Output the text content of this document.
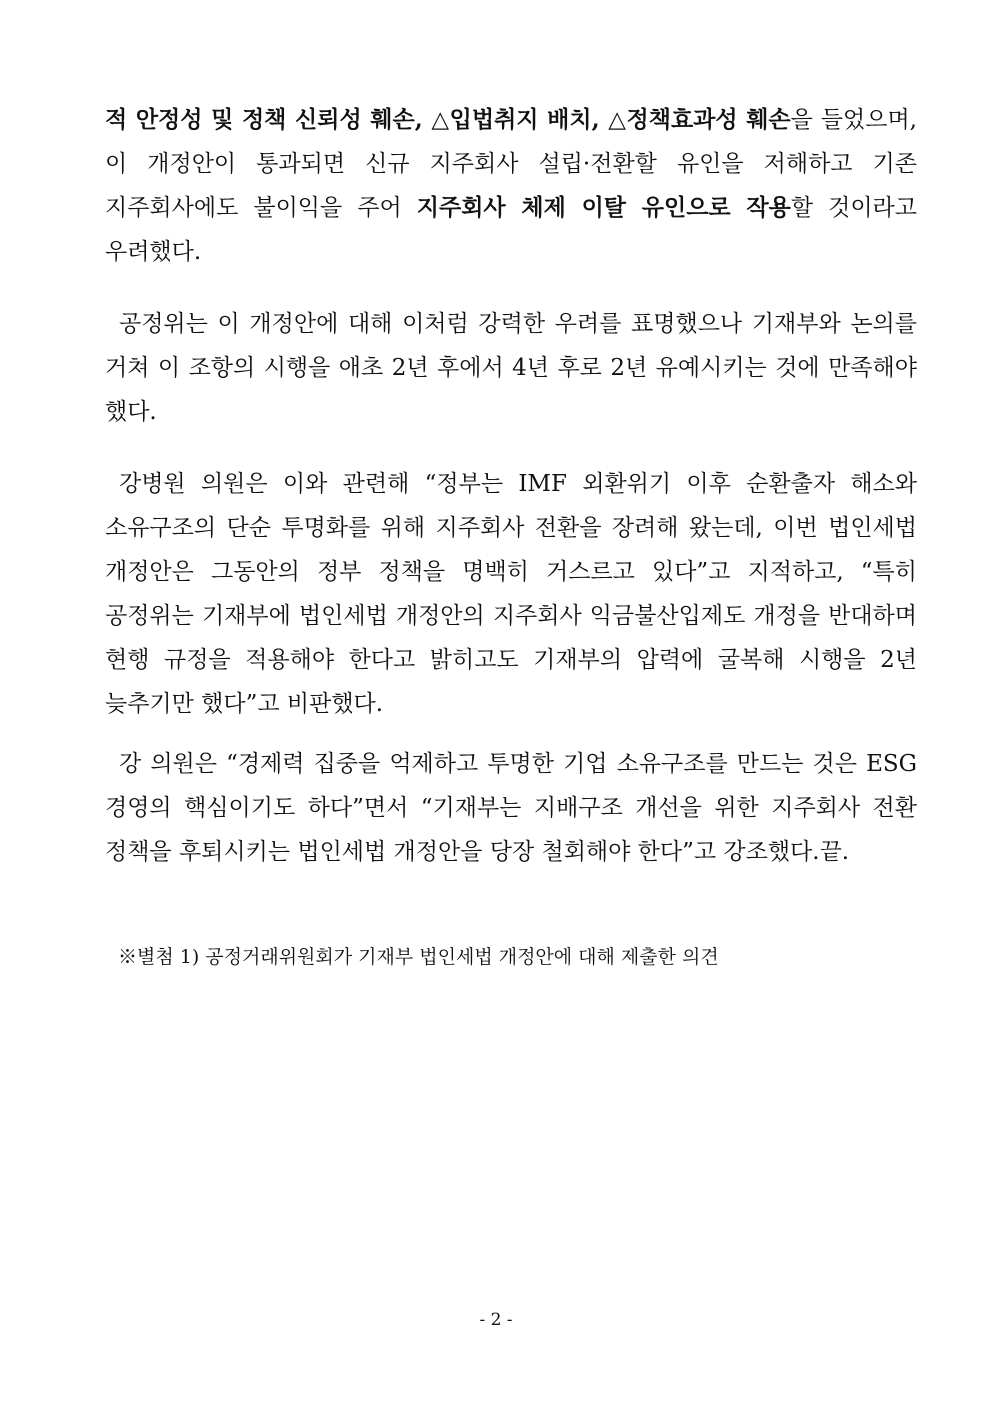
적 안정성 및 정책 신뢰성 훼손, △입법취지 배치, △정책효과성 훼손을 들었으며, 이 개정안이 통과되면 신규 지주회사 설립·전환할 유인을 저해하고 기존 지주회사에도 불이익을 주어 지주회사 체제 이탈 유인으로 작용할 것이라고 우려했다.

공정위는 이 개정안에 대해 이처럼 강력한 우려를 표명했으나 기재부와 논의를 거쳐 이 조항의 시행을 애초 2년 후에서 4년 후로 2년 유예시키는 것에 만족해야 했다.

강병원 의원은 이와 관련해 “정부는 IMF 외환위기 이후 순환출자 해소와 소유구조의 단순 투명화를 위해 지주회사 전환을 장려해 왔는데, 이번 법인세법 개정안은 그동안의 정부 정책을 명백히 거스르고 있다”고 지적하고, “특히 공정위는 기재부에 법인세법 개정안의 지주회사 익금불산입제도 개정을 반대하며 현행 규정을 적용해야 한다고 밝히고도 기재부의 압력에 굴복해 시행을 2년 늦추기만 했다”고 비판했다.

강 의원은 “경제력 집중을 억제하고 투명한 기업 소유구조를 만드는 것은 ESG 경영의 핵심이기도 하다”면서 “기재부는 지배구조 개선을 위한 지주회사 전환 정책을 후퇴시키는 법인세법 개정안을 당장 철회해야 한다”고 강조했다.끝.

※별첨 1) 공정거래위원회가 기재부 법인세법 개정안에 대해 제출한 의견

- 2 -
